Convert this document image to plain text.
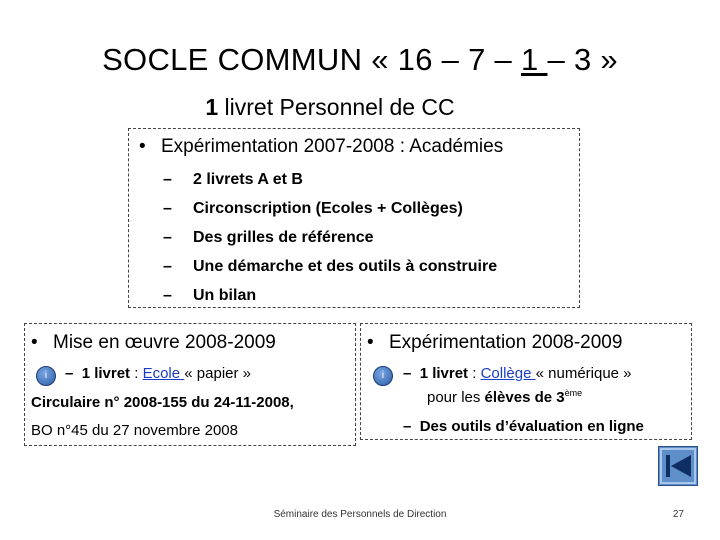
SOCLE COMMUN « 16 – 7 – 1 – 3 »
1 livret Personnel de CC
• Expérimentation 2007-2008 : Académies
– 2 livrets A et B
– Circonscription (Ecoles + Collèges)
– Des grilles de référence
– Une démarche et des outils à construire
– Un bilan
• Mise en œuvre 2008-2009
i	– 1 livret : Ecole « papier »
Circulaire n° 2008-155 du 24-11-2008,
BO n°45 du 27 novembre 2008
• Expérimentation 2008-2009
i	– 1 livret : Collège « numérique »
pour les élèves de 3ème
– Des outils d’évaluation en ligne
Séminaire des Personnels de Direction	27
